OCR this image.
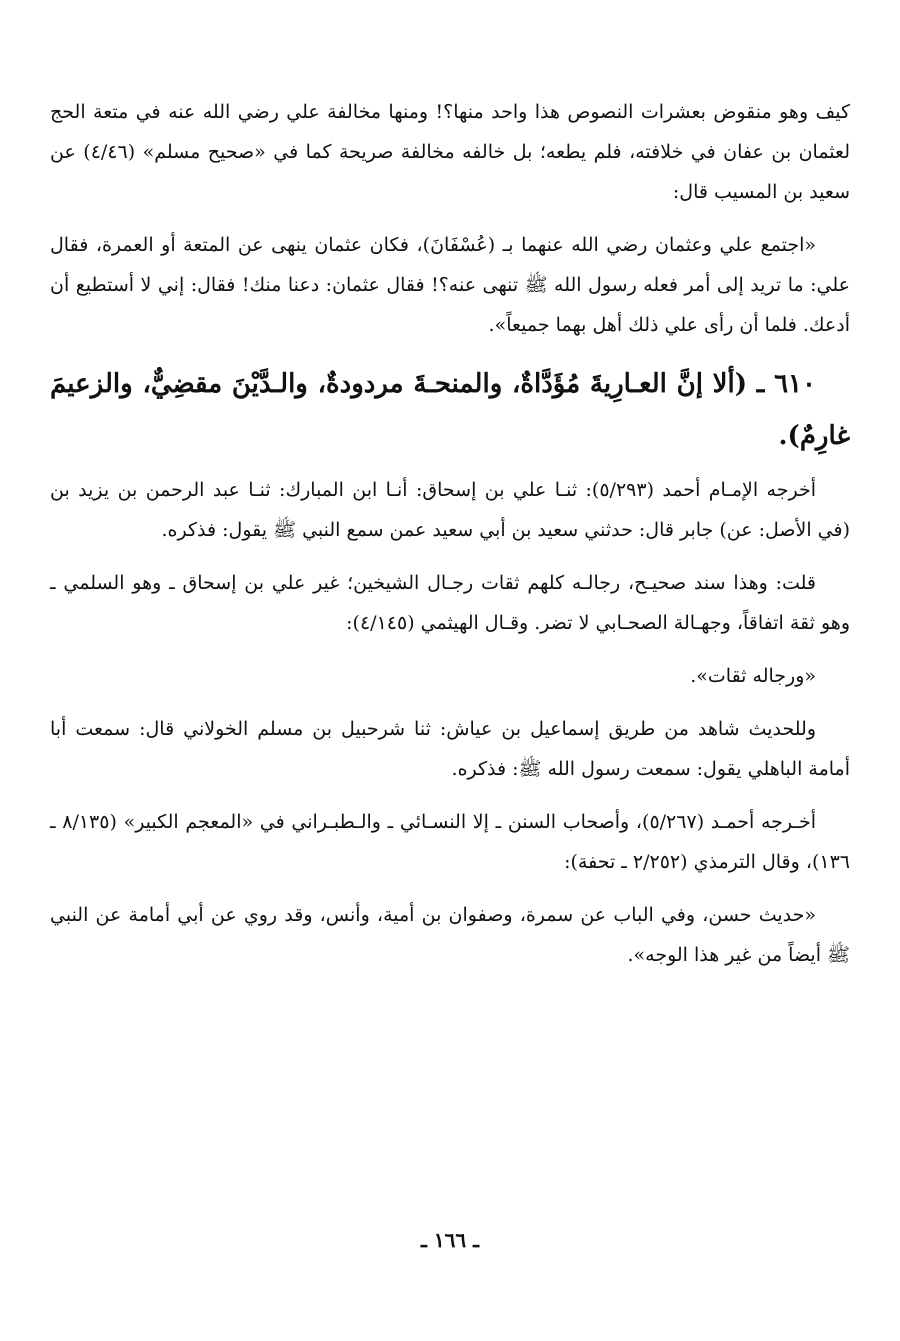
كيف وهو منقوض بعشرات النصوص هذا واحد منها؟! ومنها مخالفة علي رضي الله عنه في متعة الحج لعثمان بن عفان في خلافته، فلم يطعه؛ بل خالفه مخالفة صريحة كما في «صحيح مسلم» (٤/٤٦) عن سعيد بن المسيب قال:

«اجتمع علي وعثمان رضي الله عنهما بـ (عُسْفَانَ)، فكان عثمان ينهى عن المتعة أو العمرة، فقال علي: ما تريد إلى أمر فعله رسول الله ﷺ تنهى عنه؟! فقال عثمان: دعنا منك! فقال: إني لا أستطيع أن أدعك. فلما أن رأى علي ذلك أهل بهما جميعاً».

٦١٠ ـ (ألا إنَّ العـارِيةَ مُؤَدَّاةٌ، والمنحـةَ مردودةٌ، والـدَّيْنَ مقضِيٌّ، والزعيمَ غارِمٌ).

أخرجه الإمـام أحمد (٥/٢٩٣): ثنـا علي بن إسحاق: أنـا ابن المبارك: ثنـا عبد الرحمن بن يزيد بن (في الأصل: عن) جابر قال: حدثني سعيد بن أبي سعيد عمن سمع النبي ﷺ يقول: فذكره.

قلت: وهذا سند صحيـح، رجالـه كلهم ثقات رجـال الشيخين؛ غير علي بن إسحاق ـ وهو السلمي ـ وهو ثقة اتفاقاً، وجهـالة الصحـابي لا تضر. وقـال الهيثمي (٤/١٤٥):

«ورجاله ثقات».

وللحديث شاهد من طريق إسماعيل بن عياش: ثنا شرحبيل بن مسلم الخولاني قال: سمعت أبا أمامة الباهلي يقول: سمعت رسول الله ﷺ: فذكره.

أخـرجه أحمـد (٥/٢٦٧)، وأصحاب السنن ـ إلا النسـائي ـ والـطبـراني في «المعجم الكبير» (٨/١٣٥ ـ ١٣٦)، وقال الترمذي (٢/٢٥٢ ـ تحفة):

«حديث حسن، وفي الباب عن سمرة، وصفوان بن أمية، وأنس، وقد روي عن أبي أمامة عن النبي ﷺ أيضاً من غير هذا الوجه».

ـ ١٦٦ ـ
